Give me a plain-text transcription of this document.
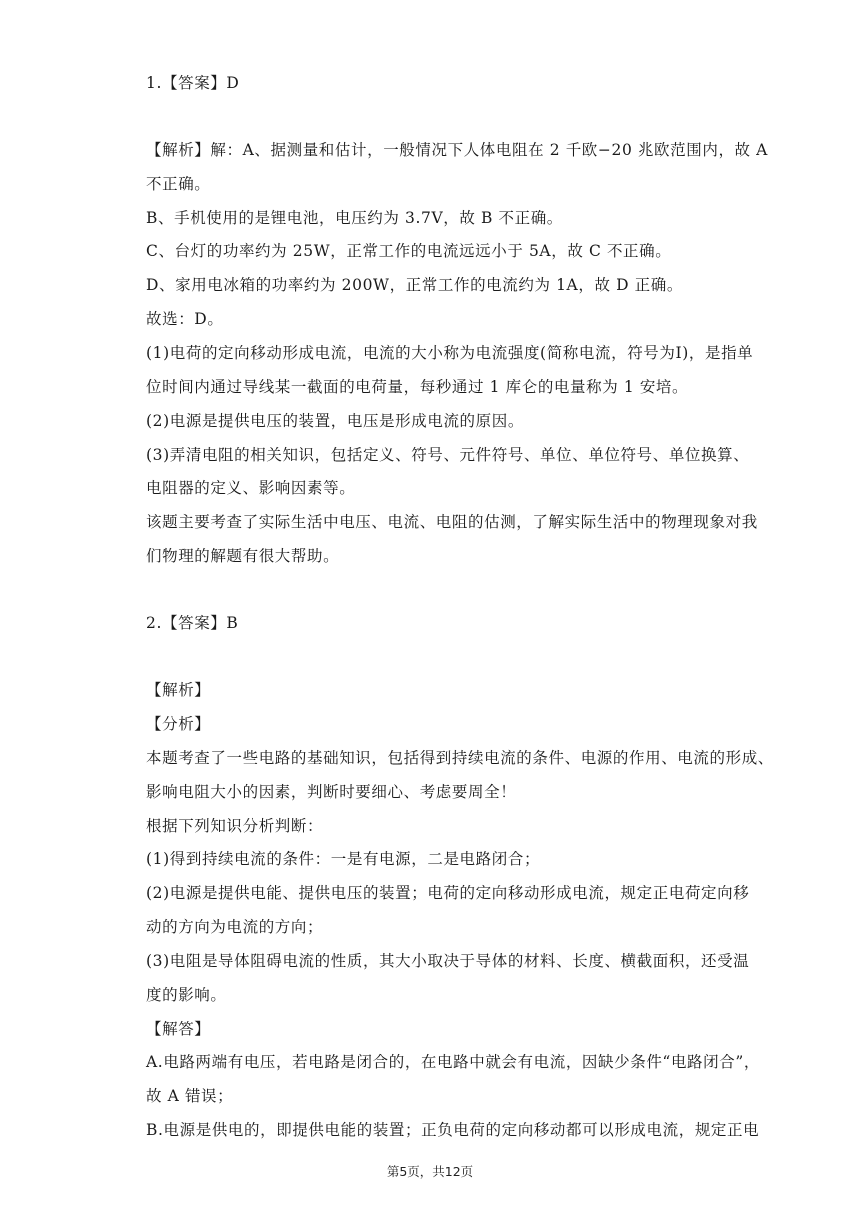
1.【答案】D
【解析】解：A、据测量和估计，一般情况下人体电阻在 2 千欧−20 兆欧范围内，故 A
不正确。
B、手机使用的是锂电池，电压约为 3.7V，故 B 不正确。
C、台灯的功率约为 25W，正常工作的电流远远小于 5A，故 C 不正确。
D、家用电冰箱的功率约为 200W，正常工作的电流约为 1A，故 D 正确。
故选：D。
(1)电荷的定向移动形成电流，电流的大小称为电流强度(简称电流，符号为I)，是指单
位时间内通过导线某一截面的电荷量，每秒通过 1 库仑的电量称为 1 安培。
(2)电源是提供电压的装置，电压是形成电流的原因。
(3)弄清电阻的相关知识，包括定义、符号、元件符号、单位、单位符号、单位换算、
电阻器的定义、影响因素等。
该题主要考查了实际生活中电压、电流、电阻的估测，了解实际生活中的物理现象对我
们物理的解题有很大帮助。
2.【答案】B
【解析】
【分析】
本题考查了一些电路的基础知识，包括得到持续电流的条件、电源的作用、电流的形成、
影响电阻大小的因素，判断时要细心、考虑要周全！
根据下列知识分析判断：
(1)得到持续电流的条件：一是有电源，二是电路闭合；
(2)电源是提供电能、提供电压的装置；电荷的定向移动形成电流，规定正电荷定向移
动的方向为电流的方向；
(3)电阻是导体阻碍电流的性质，其大小取决于导体的材料、长度、横截面积，还受温
度的影响。
【解答】
A.电路两端有电压，若电路是闭合的，在电路中就会有电流，因缺少条件“电路闭合”，
故 A 错误；
B.电源是供电的，即提供电能的装置；正负电荷的定向移动都可以形成电流，规定正电
第5页，共12页
